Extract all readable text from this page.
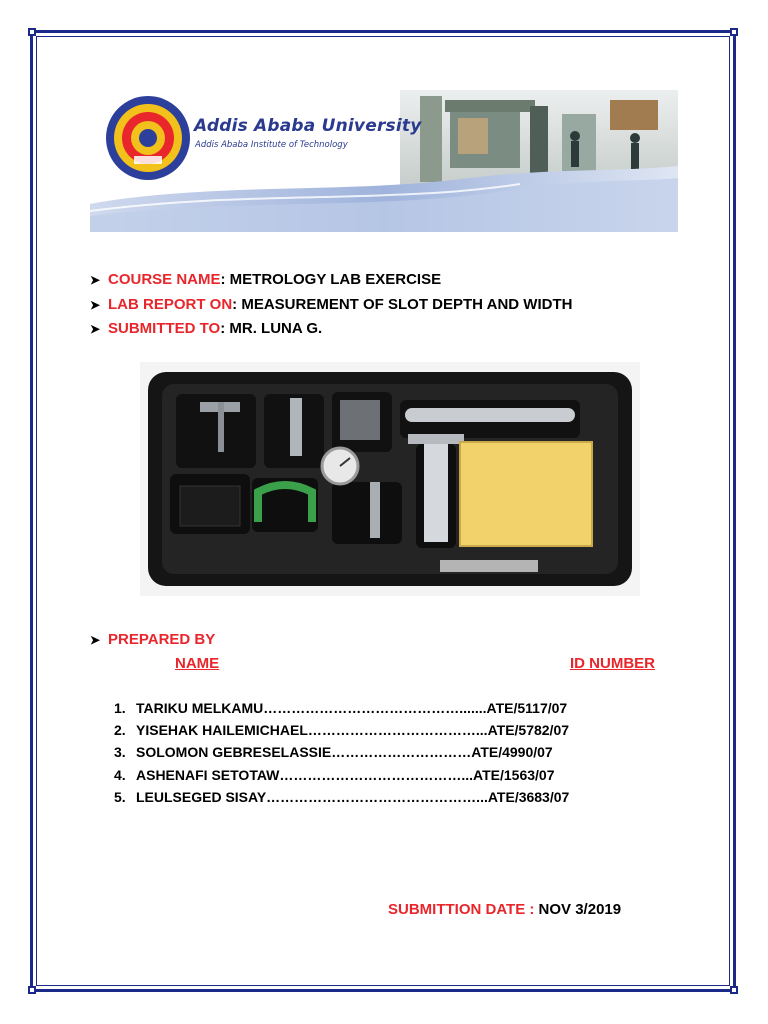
Addis Ababa University
Addis Ababa Institute of Technology
➤ COURSE NAME: METROLOGY LAB EXERCISE
➤ LAB REPORT ON: MEASUREMENT OF SLOT DEPTH AND WIDTH
➤ SUBMITTED TO: MR. LUNA G.
➤ PREPARED BY
NAME	ID NUMBER
1. TARIKU MELKAMU…………………………………….......ATE/5117/07
2. YISEHAK HAILEMICHAEL………………………………...ATE/5782/07
3. SOLOMON GEBRESELASSIE…………………………ATE/4990/07
4. ASHENAFI SETOTAW…………………………………...ATE/1563/07
5. LEULSEGED SISAY………………………………………...ATE/3683/07
SUBMITTION DATE : NOV 3/2019
